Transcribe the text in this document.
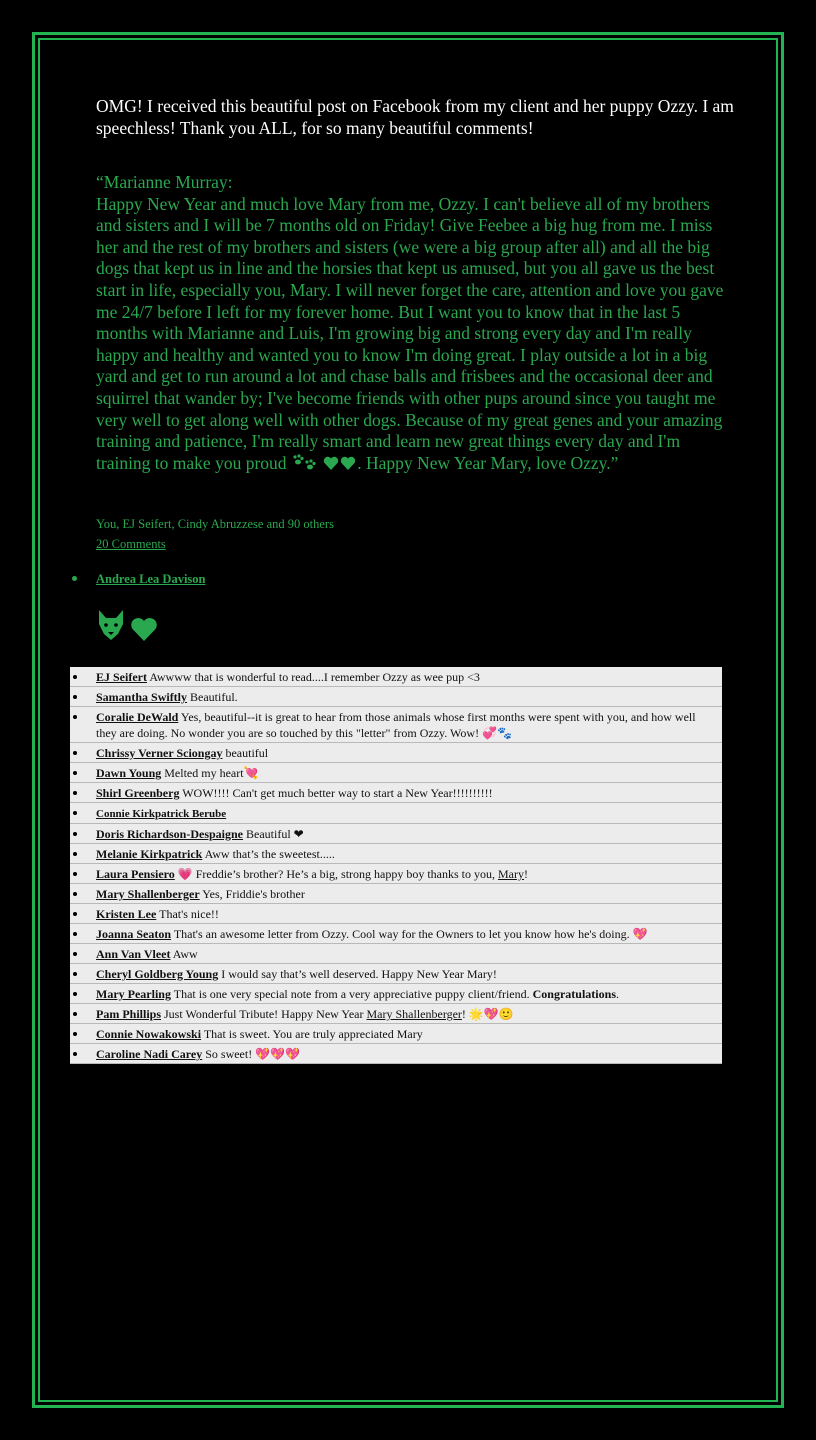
OMG! I received this beautiful post on Facebook from my client and her puppy Ozzy. I am speechless! Thank you ALL, for so many beautiful comments!
“Marianne Murray:
Happy New Year and much love Mary from me, Ozzy. I can't believe all of my brothers and sisters and I will be 7 months old on Friday! Give Feebee a big hug from me. I miss her and the rest of my brothers and sisters (we were a big group after all) and all the big dogs that kept us in line and the horsies that kept us amused, but you all gave us the best start in life, especially you, Mary. I will never forget the care, attention and love you gave me 24/7 before I left for my forever home. But I want you to know that in the last 5 months with Marianne and Luis, I'm growing big and strong every day and I'm really happy and healthy and wanted you to know I'm doing great. I play outside a lot in a big yard and get to run around a lot and chase balls and frisbees and the occasional deer and squirrel that wander by; I've become friends with other pups around since you taught me very well to get along well with other dogs. Because of my great genes and your amazing training and patience, I'm really smart and learn new great things every day and I'm training to make you proud	. Happy New Year Mary, love Ozzy.”
You, EJ Seifert, Cindy Abruzzese and 90 others
20 Comments
Andrea Lea Davison

EJ Seifert Awwww that is wonderful to read....I remember Ozzy as wee pup <3
Samantha Swiftly Beautiful.
Coralie DeWald Yes, beautiful--it is great to hear from those animals whose first months were spent with you, and how well they are doing. No wonder you are so touched by this "letter" from Ozzy. Wow! 💞🐾
Chrissy Verner Sciongay beautiful
Dawn Young Melted my heart💘
Shirl Greenberg WOW!!!! Can't get much better way to start a New Year!!!!!!!!!!
Connie Kirkpatrick Berube
Doris Richardson-Despaigne Beautiful ❤
Melanie Kirkpatrick Aww that’s the sweetest.....
Laura Pensiero 💗 Freddie’s brother? He’s a big, strong happy boy thanks to you, Mary!
Mary Shallenberger Yes, Friddie's brother
Kristen Lee That's nice!!
Joanna Seaton That's an awesome letter from Ozzy. Cool way for the Owners to let you know how he's doing. 💖
Ann Van Vleet Aww
Cheryl Goldberg Young I would say that’s well deserved. Happy New Year Mary!
Mary Pearling That is one very special note from a very appreciative puppy client/friend. Congratulations.
Pam Phillips Just Wonderful Tribute! Happy New Year Mary Shallenberger! 🌟💖🙂
Connie Nowakowski That is sweet. You are truly appreciated Mary
Caroline Nadi Carey So sweet! 💖💖💖
